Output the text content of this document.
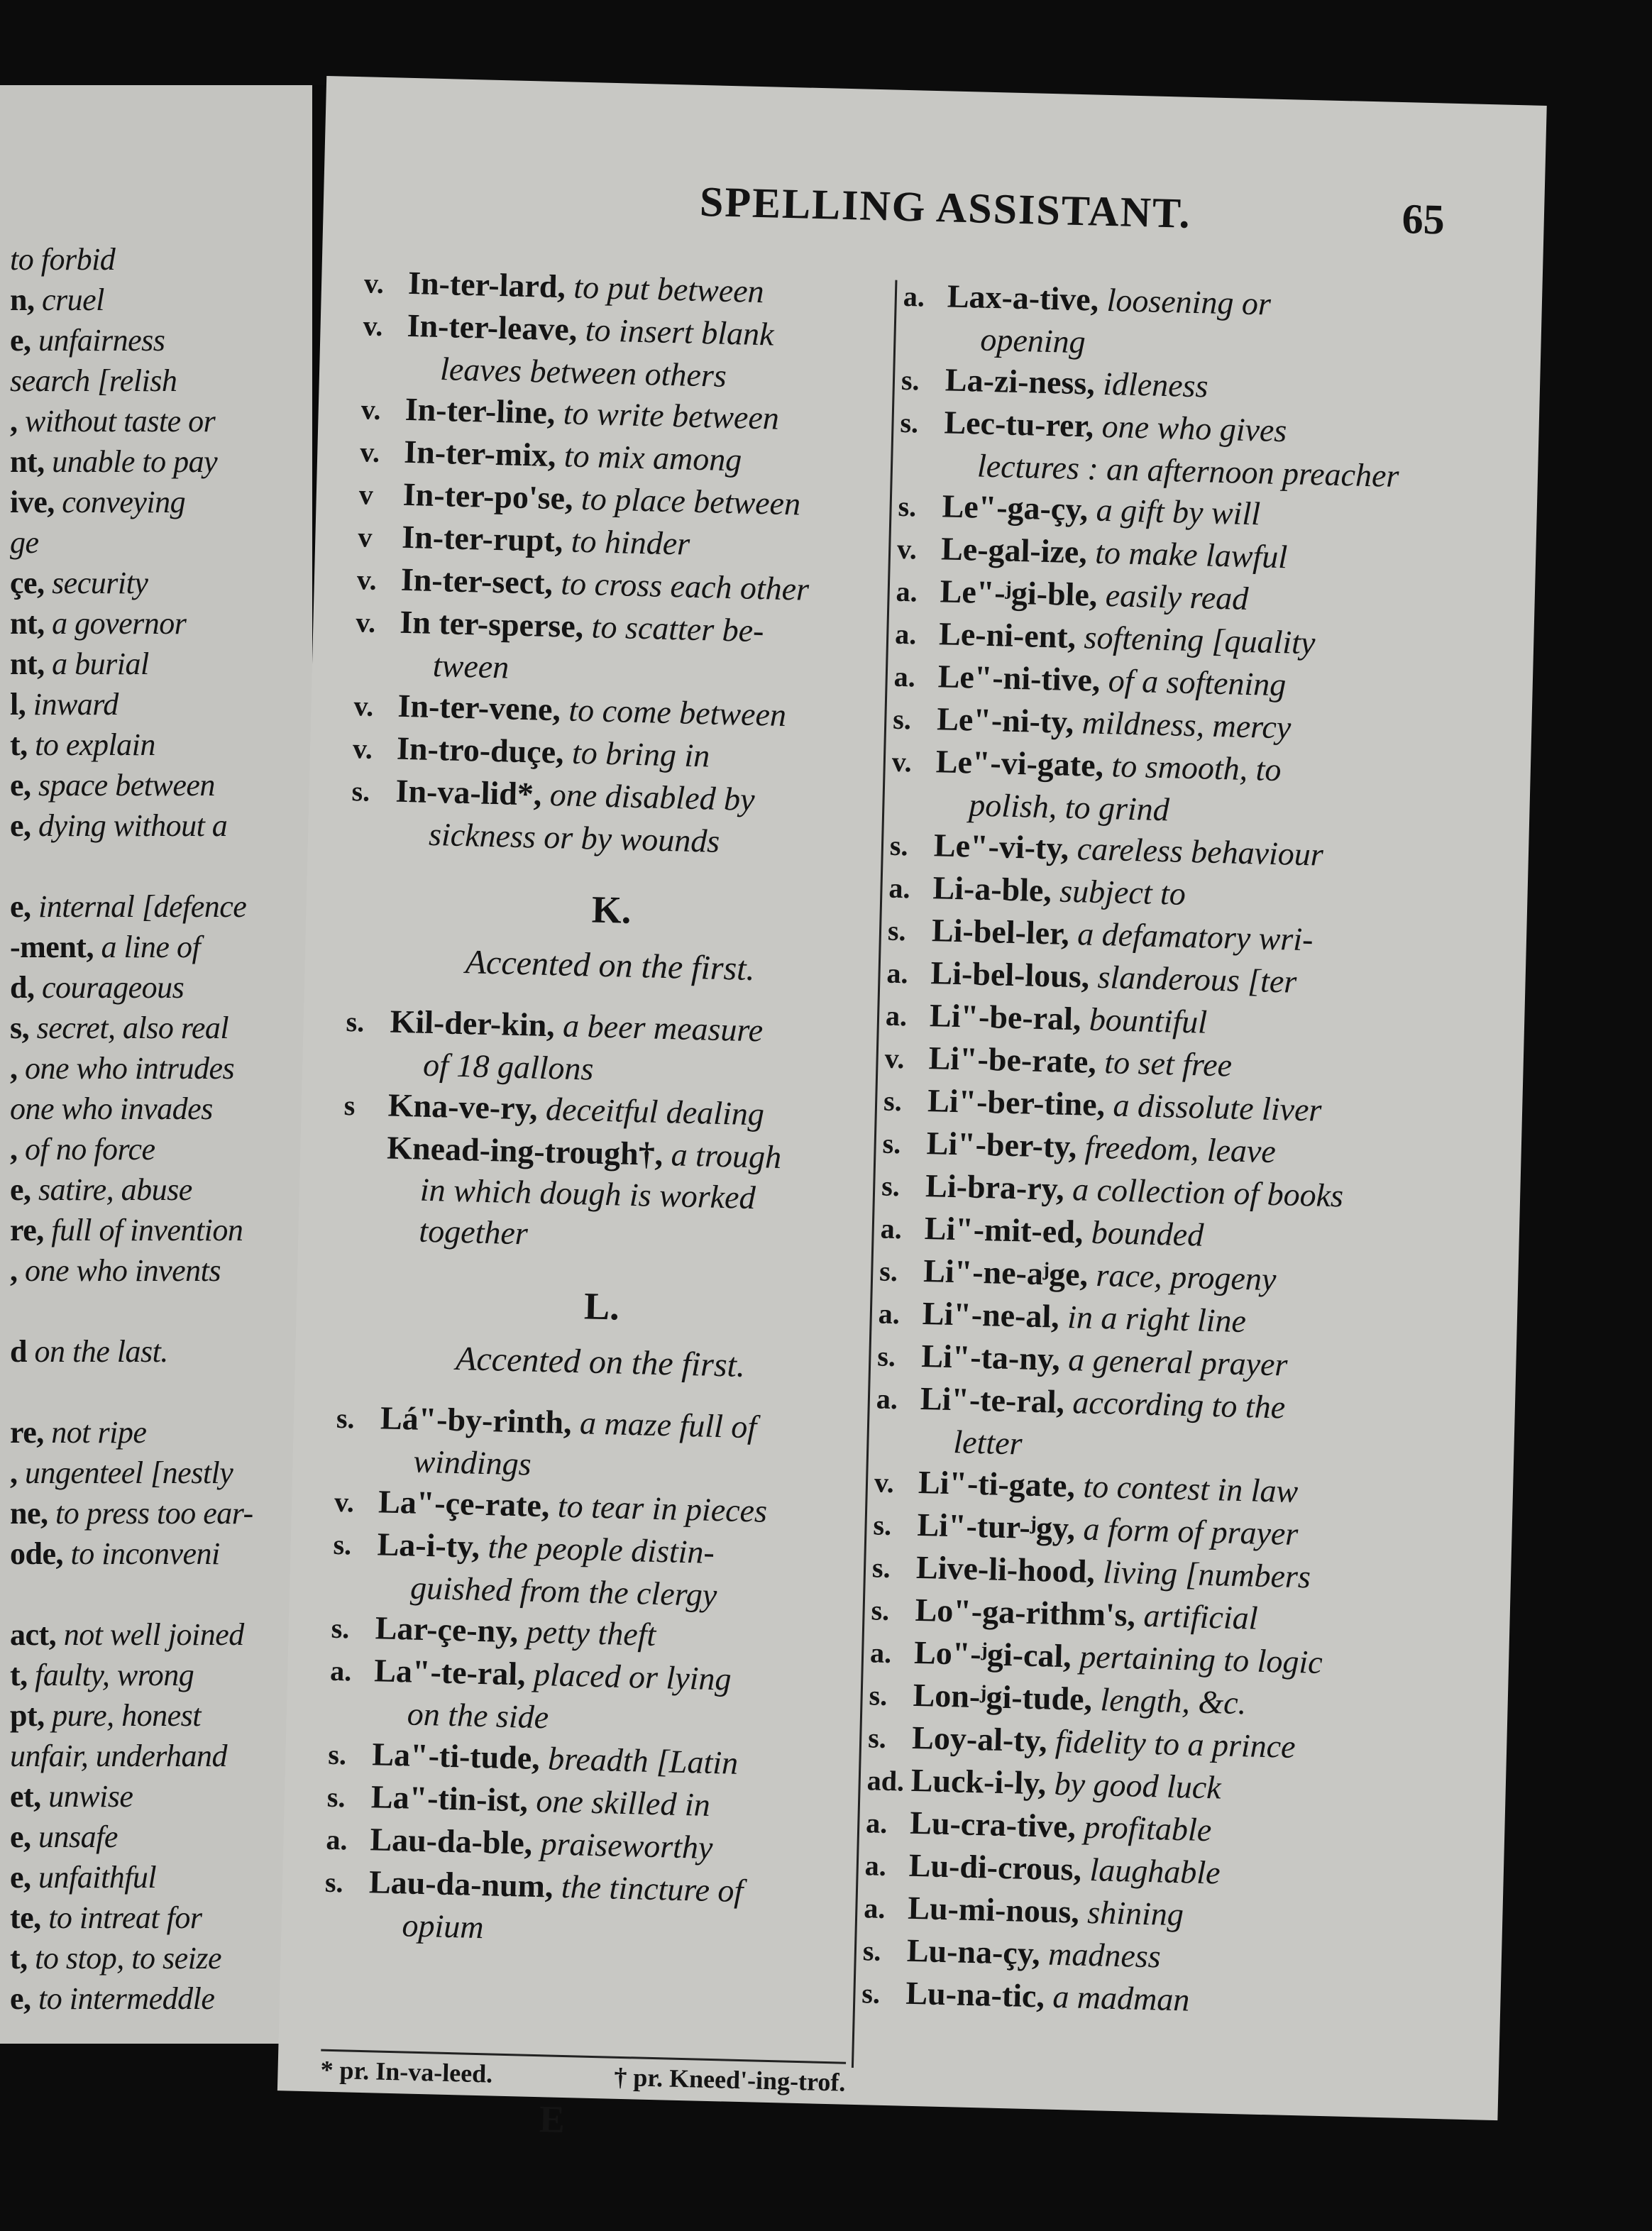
to forbid
n, cruel
e, unfairness
search [relish
, without taste or
nt, unable to pay
ive, conveying
ge
çe, security
nt, a governor
nt, a burial
l, inward
t, to explain
e, space between
e, dying without a
e, internal [defence
-ment, a line of
d, courageous
s, secret, also real
, one who intrudes
one who invades
, of no force
e, satire, abuse
re, full of invention
, one who invents
d on the last.
re, not ripe
, ungenteel [nestly
ne, to press too ear-
ode, to inconveni
act, not well joined
t, faulty, wrong
pt, pure, honest
unfair, underhand
et, unwise
e, unsafe
e, unfaithful
te, to intreat for
t, to stop, to seize
e, to intermeddle
SPELLING ASSISTANT.	65
v. In-ter-lard, to put between
v. In-ter-leave, to insert blank
leaves between others
v. In-ter-line, to write between
v. In-ter-mix, to mix among
v In-ter-po'se, to place between
v In-ter-rupt, to hinder
v. In-ter-sect, to cross each other
v. In ter-sperse, to scatter be-
tween
v. In-ter-vene, to come between
v. In-tro-duçe, to bring in
s. In-va-lid*, one disabled by
sickness or by wounds
K.
Accented on the first.
s. Kil-der-kin, a beer measure
of 18 gallons
s Kna-ve-ry, deceitful dealing
Knead-ing-trough†, a trough
in which dough is worked together
L.
Accented on the first.
s. Lá"-by-rinth, a maze full of
windings
v. La"-çe-rate, to tear in pieces
s. La-i-ty, the people distin-
guished from the clergy
s. Lar-çe-ny, petty theft
a. La"-te-ral, placed or lying
on the side
s. La"-ti-tude, breadth [Latin
s. La"-tin-ist, one skilled in
a. Lau-da-ble, praiseworthy
s. Lau-da-num, the tincture of
opium
* pr. In-va-leed.	† pr. Kneed'-ing-trof.
E
a. Lax-a-tive, loosening or
opening
s. La-zi-ness, idleness
s. Lec-tu-rer, one who gives
lectures : an afternoon preacher
s. Le"-ga-çy, a gift by will
v. Le-gal-ize, to make lawful
a. Le"-ʲgi-ble, easily read
a. Le-ni-ent, softening [quality
a. Le"-ni-tive, of a softening
s. Le"-ni-ty, mildness, mercy
v. Le"-vi-gate, to smooth, to
polish, to grind
s. Le"-vi-ty, careless behaviour
a. Li-a-ble, subject to
s. Li-bel-ler, a defamatory wri-
a. Li-bel-lous, slanderous [ter
a. Li"-be-ral, bountiful
v. Li"-be-rate, to set free
s. Li"-ber-tine, a dissolute liver
s. Li"-ber-ty, freedom, leave
s. Li-bra-ry, a collection of books
a. Li"-mit-ed, bounded
s. Li"-ne-aʲge, race, progeny
a. Li"-ne-al, in a right line
s. Li"-ta-ny, a general prayer
a. Li"-te-ral, according to the
letter
v. Li"-ti-gate, to contest in law
s. Li"-tur-ʲgy, a form of prayer
s. Live-li-hood, living [numbers
s. Lo"-ga-rithm's, artificial
a. Lo"-ʲgi-cal, pertaining to logic
s. Lon-ʲgi-tude, length, &c.
s. Loy-al-ty, fidelity to a prince
ad. Luck-i-ly, by good luck
a. Lu-cra-tive, profitable
a. Lu-di-crous, laughable
a. Lu-mi-nous, shining
s. Lu-na-çy, madness
s. Lu-na-tic, a madman
